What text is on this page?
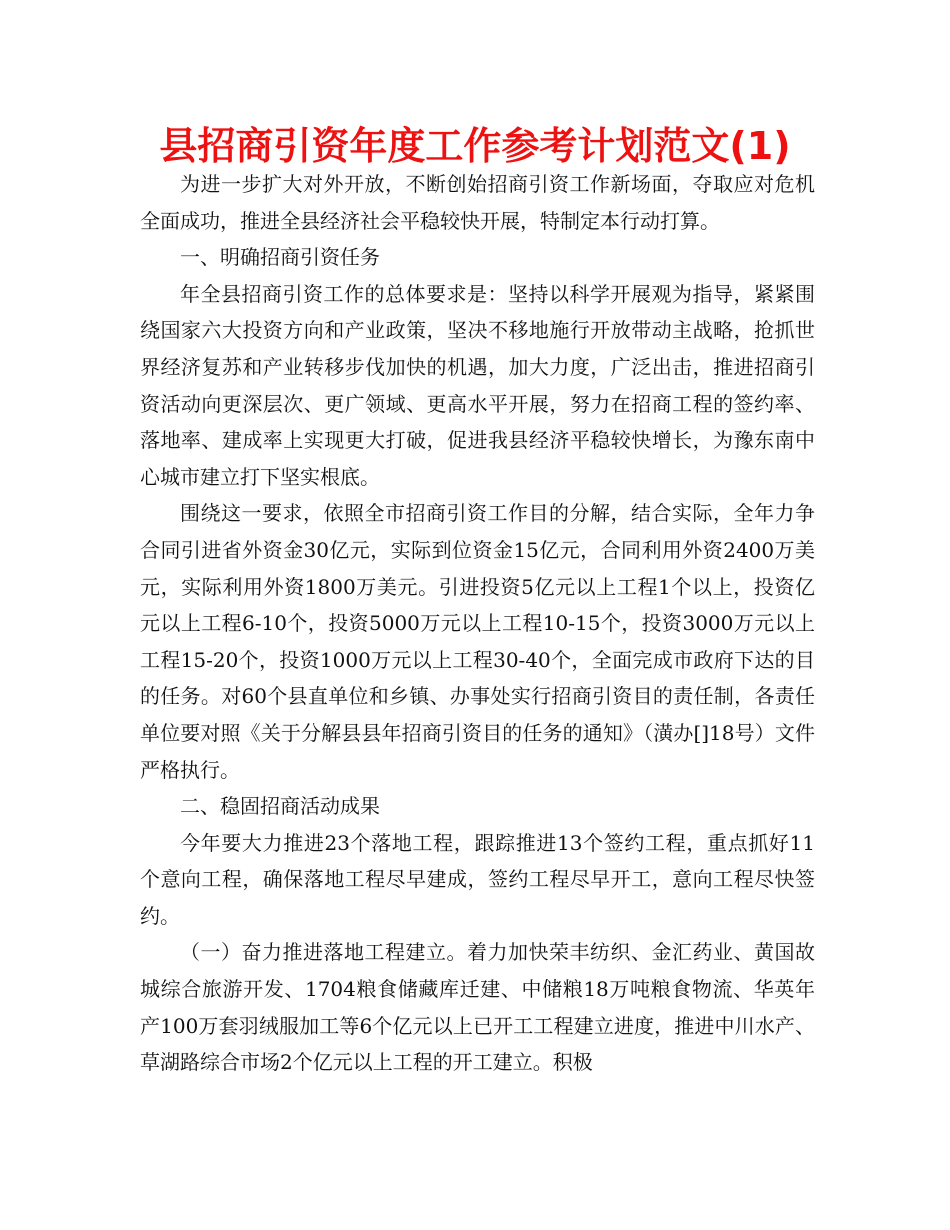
县招商引资年度工作参考计划范文(1)

为进一步扩大对外开放，不断创始招商引资工作新场面，夺取应对危机全面成功，推进全县经济社会平稳较快开展，特制定本行动打算。

一、明确招商引资任务

年全县招商引资工作的总体要求是：坚持以科学开展观为指导，紧紧围绕国家六大投资方向和产业政策，坚决不移地施行开放带动主战略，抢抓世界经济复苏和产业转移步伐加快的机遇，加大力度，广泛出击，推进招商引资活动向更深层次、更广领域、更高水平开展，努力在招商工程的签约率、落地率、建成率上实现更大打破，促进我县经济平稳较快增长，为豫东南中心城市建立打下坚实根底。

围绕这一要求，依照全市招商引资工作目的分解，结合实际，全年力争合同引进省外资金30亿元，实际到位资金15亿元，合同利用外资2400万美元，实际利用外资1800万美元。引进投资5亿元以上工程1个以上，投资亿元以上工程6-10个，投资5000万元以上工程10-15个，投资3000万元以上工程15-20个，投资1000万元以上工程30-40个，全面完成市政府下达的目的任务。对60个县直单位和乡镇、办事处实行招商引资目的责任制，各责任单位要对照《关于分解县县年招商引资目的任务的通知》（潢办[]18号）文件严格执行。

二、稳固招商活动成果

今年要大力推进23个落地工程，跟踪推进13个签约工程，重点抓好11个意向工程，确保落地工程尽早建成，签约工程尽早开工，意向工程尽快签约。

（一）奋力推进落地工程建立。着力加快荣丰纺织、金汇药业、黄国故城综合旅游开发、1704粮食储藏库迁建、中储粮18万吨粮食物流、华英年产100万套羽绒服加工等6个亿元以上已开工工程建立进度，推进中川水产、草湖路综合市场2个亿元以上工程的开工建立。积极
